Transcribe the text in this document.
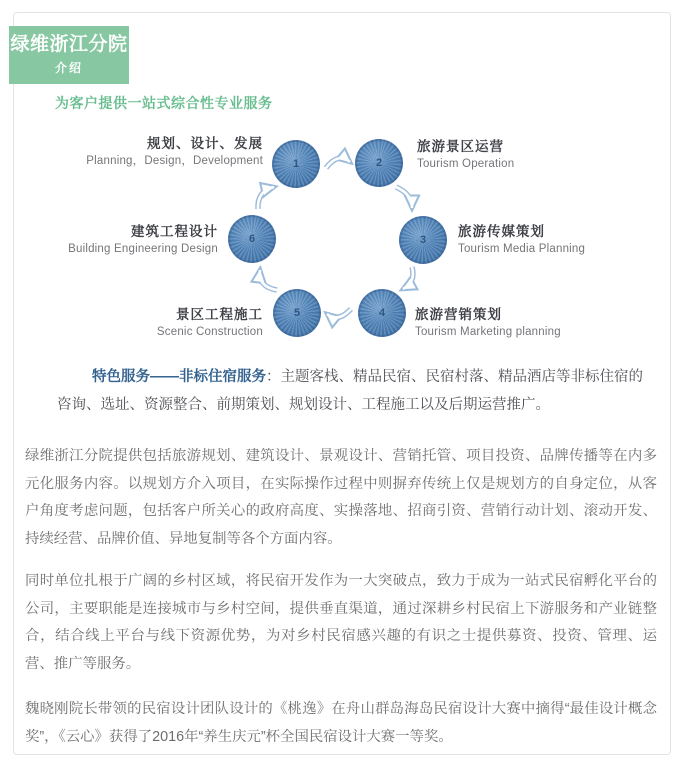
绿维浙江分院
介绍
为客户提供一站式综合性专业服务
1	2
3
4
5
6
规划、设计、发展
Planning，Design，Development
旅游景区运营
Tourism Operation
旅游传媒策划
Tourism Media Planning
旅游营销策划
Tourism Marketing planning
景区工程施工
Scenic Construction
建筑工程设计
Building Engineering Design

特色服务——非标住宿服务：主题客栈、精品民宿、民宿村落、精品酒店等非标住宿的咨询、选址、资源整合、前期策划、规划设计、工程施工以及后期运营推广。

绿维浙江分院提供包括旅游规划、建筑设计、景观设计、营销托管、项目投资、品牌传播等在内多元化服务内容。以规划方介入项目，在实际操作过程中则摒弃传统上仅是规划方的自身定位，从客户角度考虑问题，包括客户所关心的政府高度、实操落地、招商引资、营销行动计划、滚动开发、持续经营、品牌价值、异地复制等各个方面内容。

同时单位扎根于广阔的乡村区域，将民宿开发作为一大突破点，致力于成为一站式民宿孵化平台的公司，主要职能是连接城市与乡村空间，提供垂直渠道，通过深耕乡村民宿上下游服务和产业链整合，结合线上平台与线下资源优势，为对乡村民宿感兴趣的有识之士提供募资、投资、管理、运营、推广等服务。

魏晓刚院长带领的民宿设计团队设计的《桃逸》在舟山群岛海岛民宿设计大赛中摘得“最佳设计概念奖”，《云心》获得了2016年“养生庆元”杯全国民宿设计大赛一等奖。
